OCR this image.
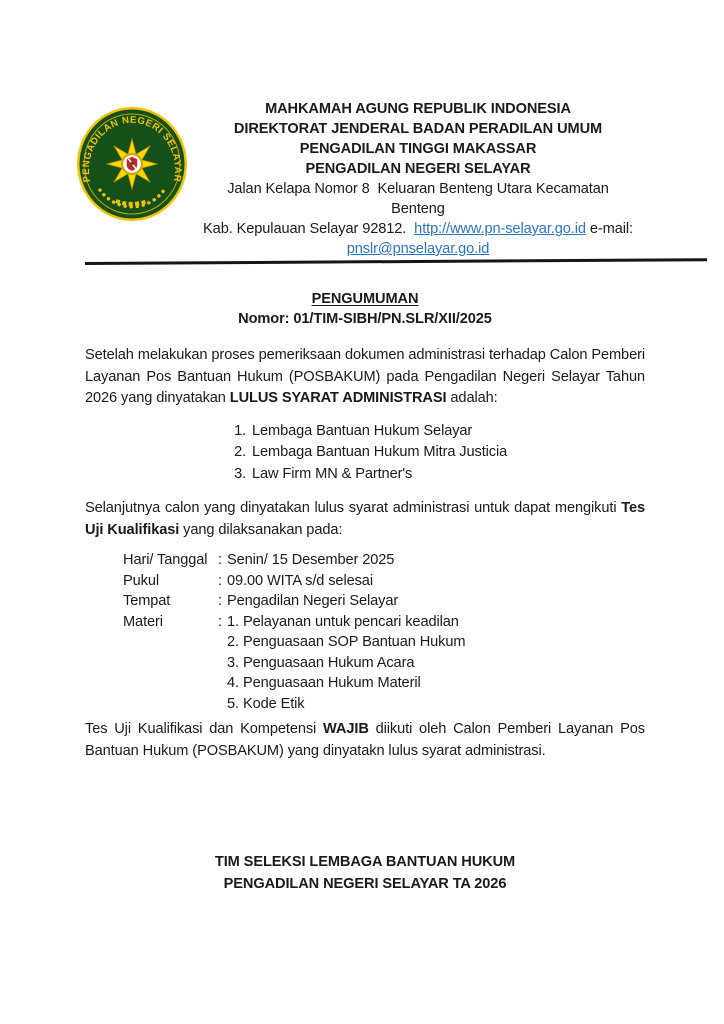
PENGADILAN NEGERI SELAYAR
MAHKAMAH AGUNG REPUBLIK INDONESIA
DIREKTORAT JENDERAL BADAN PERADILAN UMUM
PENGADILAN TINGGI MAKASSAR
PENGADILAN NEGERI SELAYAR
Jalan Kelapa Nomor 8  Keluaran Benteng Utara Kecamatan
Benteng
Kab. Kepulauan Selayar 92812.  http://www.pn-selayar.go.id e-mail:
pnslr@pnselayar.go.id
PENGUMUMAN
Nomor: 01/TIM-SIBH/PN.SLR/XII/2025

Setelah melakukan proses pemeriksaan dokumen administrasi terhadap Calon Pemberi Layanan Pos Bantuan Hukum (POSBAKUM) pada Pengadilan Negeri Selayar Tahun 2026 yang dinyatakan LULUS SYARAT ADMINISTRASI adalah:

1. Lembaga Bantuan Hukum Selayar
2. Lembaga Bantuan Hukum Mitra Justicia
3. Law Firm MN & Partner's

Selanjutnya calon yang dinyatakan lulus syarat administrasi untuk dapat mengikuti Tes Uji Kualifikasi yang dilaksanakan pada:

Hari/ Tanggal : Senin/ 15 Desember 2025
Pukul	: 09.00 WITA s/d selesai
Tempat	: Pengadilan Negeri Selayar
Materi	:	1. Pelayanan untuk pencari keadilan
2. Penguasaan SOP Bantuan Hukum
3. Penguasaan Hukum Acara
4. Penguasaan Hukum Materil
5. Kode Etik

Tes Uji Kualifikasi dan Kompetensi WAJIB diikuti oleh Calon Pemberi Layanan Pos Bantuan Hukum (POSBAKUM) yang dinyatakn lulus syarat administrasi.

TIM SELEKSI LEMBAGA BANTUAN HUKUM
PENGADILAN NEGERI SELAYAR TA 2026
